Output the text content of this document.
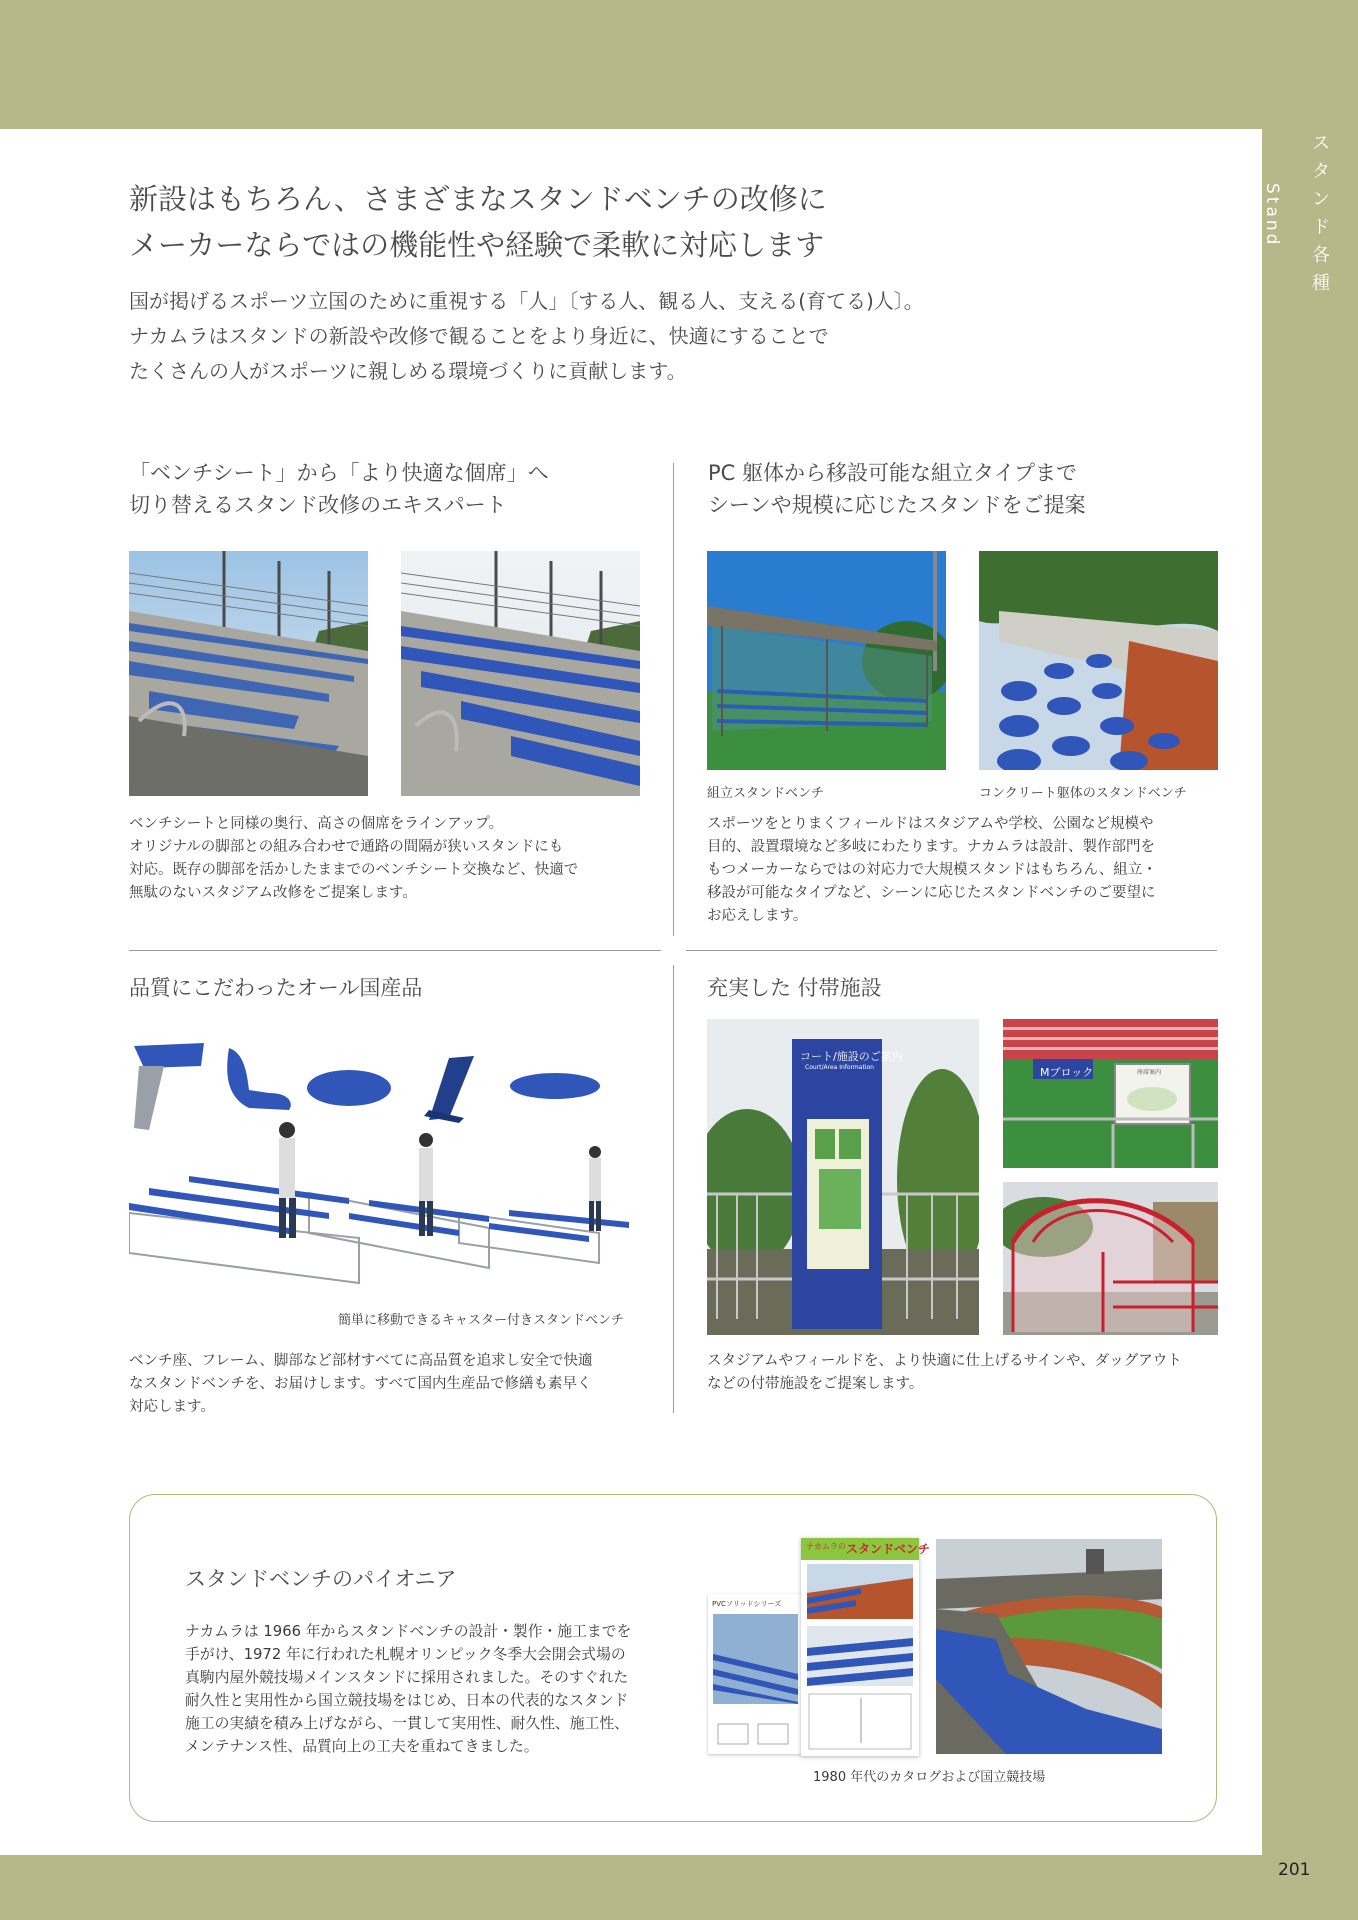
ス
タ
ン
ド
各
種
Stand
201
新設はもちろん、さまざまなスタンドベンチの改修に
メーカーならではの機能性や経験で柔軟に対応します
国が掲げるスポーツ立国のために重視する「人」〔する人、観る人、支える(育てる)人〕。
ナカムラはスタンドの新設や改修で観ることをより身近に、快適にすることで
たくさんの人がスポーツに親しめる環境づくりに貢献します。
「ベンチシート」から「より快適な個席」へ
切り替えるスタンド改修のエキスパート
ベンチシートと同様の奥行、高さの個席をラインアップ。
オリジナルの脚部との組み合わせで通路の間隔が狭いスタンドにも
対応。既存の脚部を活かしたままでのベンチシート交換など、快適で
無駄のないスタジアム改修をご提案します。
PC 躯体から移設可能な組立タイプまで
シーンや規模に応じたスタンドをご提案
組立スタンドベンチ	コンクリート躯体のスタンドベンチ
スポーツをとりまくフィールドはスタジアムや学校、公園など規模や
目的、設置環境など多岐にわたります。ナカムラは設計、製作部門を
もつメーカーならではの対応力で大規模スタンドはもちろん、組立・
移設が可能なタイプなど、シーンに応じたスタンドベンチのご要望に
お応えします。
品質にこだわったオール国産品
簡単に移動できるキャスター付きスタンドベンチ
ベンチ座、フレーム、脚部など部材すべてに高品質を追求し安全で快適
なスタンドベンチを、お届けします。すべて国内生産品で修繕も素早く
対応します。
充実した 付帯施設
コート/施設のご案内
Court/Area Information	Mブロック	座席案内
スタジアムやフィールドを、より快適に仕上げるサインや、ダッグアウト
などの付帯施設をご提案します。
スタンドベンチのパイオニア
ナカムラは 1966 年からスタンドベンチの設計・製作・施工までを
手がけ、1972 年に行われた札幌オリンピック冬季大会開会式場の
真駒内屋外競技場メインスタンドに採用されました。そのすぐれた
耐久性と実用性から国立競技場をはじめ、日本の代表的なスタンド
施工の実績を積み上げながら、一貫して実用性、耐久性、施工性、
メンテナンス性、品質向上の工夫を重ねてきました。
PVCソリッドシリーズ
ナカムラの スタンドベンチ
1980 年代のカタログおよび国立競技場
